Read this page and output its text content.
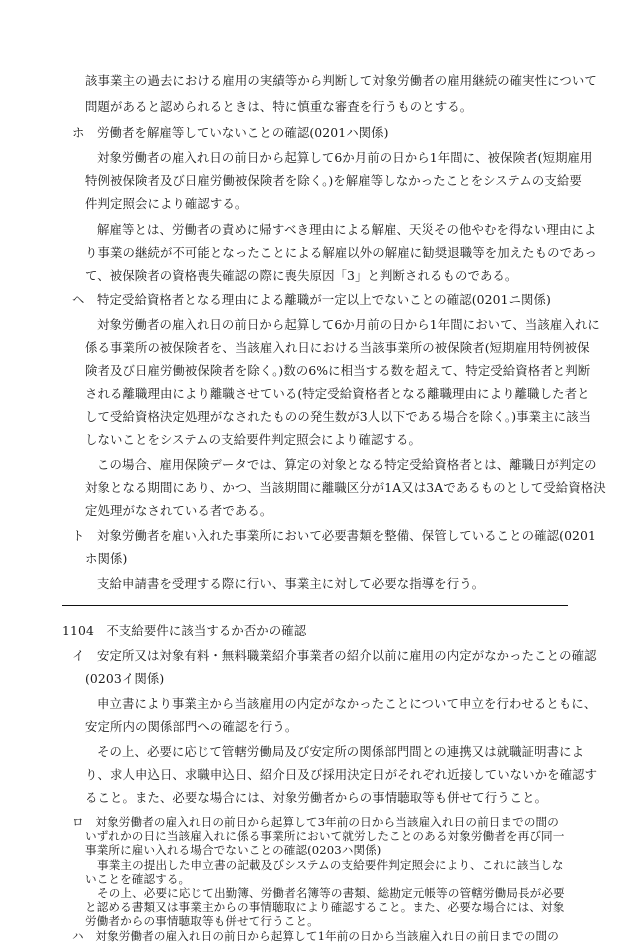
該事業主の過去における雇用の実績等から判断して対象労働者の雇用継続の確実性について
問題があると認められるときは、特に慎重な審査を行うものとする。
ホ　労働者を解雇等していないことの確認(0201ハ関係)
対象労働者の雇入れ日の前日から起算して6か月前の日から1年間に、被保険者(短期雇用
特例被保険者及び日雇労働被保険者を除く。)を解雇等しなかったことをシステムの支給要
件判定照会により確認する。
解雇等とは、労働者の責めに帰すべき理由による解雇、天災その他やむを得ない理由によ
り事業の継続が不可能となったことによる解雇以外の解雇に勧奨退職等を加えたものであっ
て、被保険者の資格喪失確認の際に喪失原因「3」と判断されるものである。
ヘ　特定受給資格者となる理由による離職が一定以上でないことの確認(0201ニ関係)
対象労働者の雇入れ日の前日から起算して6か月前の日から1年間において、当該雇入れに
係る事業所の被保険者を、当該雇入れ日における当該事業所の被保険者(短期雇用特例被保
険者及び日雇労働被保険者を除く。)数の6%に相当する数を超えて、特定受給資格者と判断
される離職理由により離職させている(特定受給資格者となる離職理由により離職した者と
して受給資格決定処理がなされたものの発生数が3人以下である場合を除く。)事業主に該当
しないことをシステムの支給要件判定照会により確認する。
この場合、雇用保険データでは、算定の対象となる特定受給資格者とは、離職日が判定の
対象となる期間にあり、かつ、当該期間に離職区分が1A又は3Aであるものとして受給資格決
定処理がなされている者である。
ト　対象労働者を雇い入れた事業所において必要書類を整備、保管していることの確認(0201
ホ関係)
支給申請書を受理する際に行い、事業主に対して必要な指導を行う。
1104　不支給要件に該当するか否かの確認
イ　安定所又は対象有料・無料職業紹介事業者の紹介以前に雇用の内定がなかったことの確認
(0203イ関係)
申立書により事業主から当該雇用の内定がなかったことについて申立を行わせるともに、
安定所内の関係部門への確認を行う。
その上、必要に応じて管轄労働局及び安定所の関係部門間との連携又は就職証明書によ
り、求人申込日、求職申込日、紹介日及び採用決定日がそれぞれ近接していないかを確認す
ること。また、必要な場合には、対象労働者からの事情聴取等も併せて行うこと。
ロ　対象労働者の雇入れ日の前日から起算して3年前の日から当該雇入れ日の前日までの間の
いずれかの日に当該雇入れに係る事業所において就労したことのある対象労働者を再び同一
事業所に雇い入れる場合でないことの確認(0203ハ関係)
事業主の提出した申立書の記載及びシステムの支給要件判定照会により、これに該当しな
いことを確認する。
その上、必要に応じて出勤簿、労働者名簿等の書類、総勘定元帳等の管轄労働局長が必要
と認める書類又は事業主からの事情聴取により確認すること。また、必要な場合には、対象
労働者からの事情聴取等も併せて行うこと。
ハ　対象労働者の雇入れ日の前日から起算して1年前の日から当該雇入れ日の前日までの間の
